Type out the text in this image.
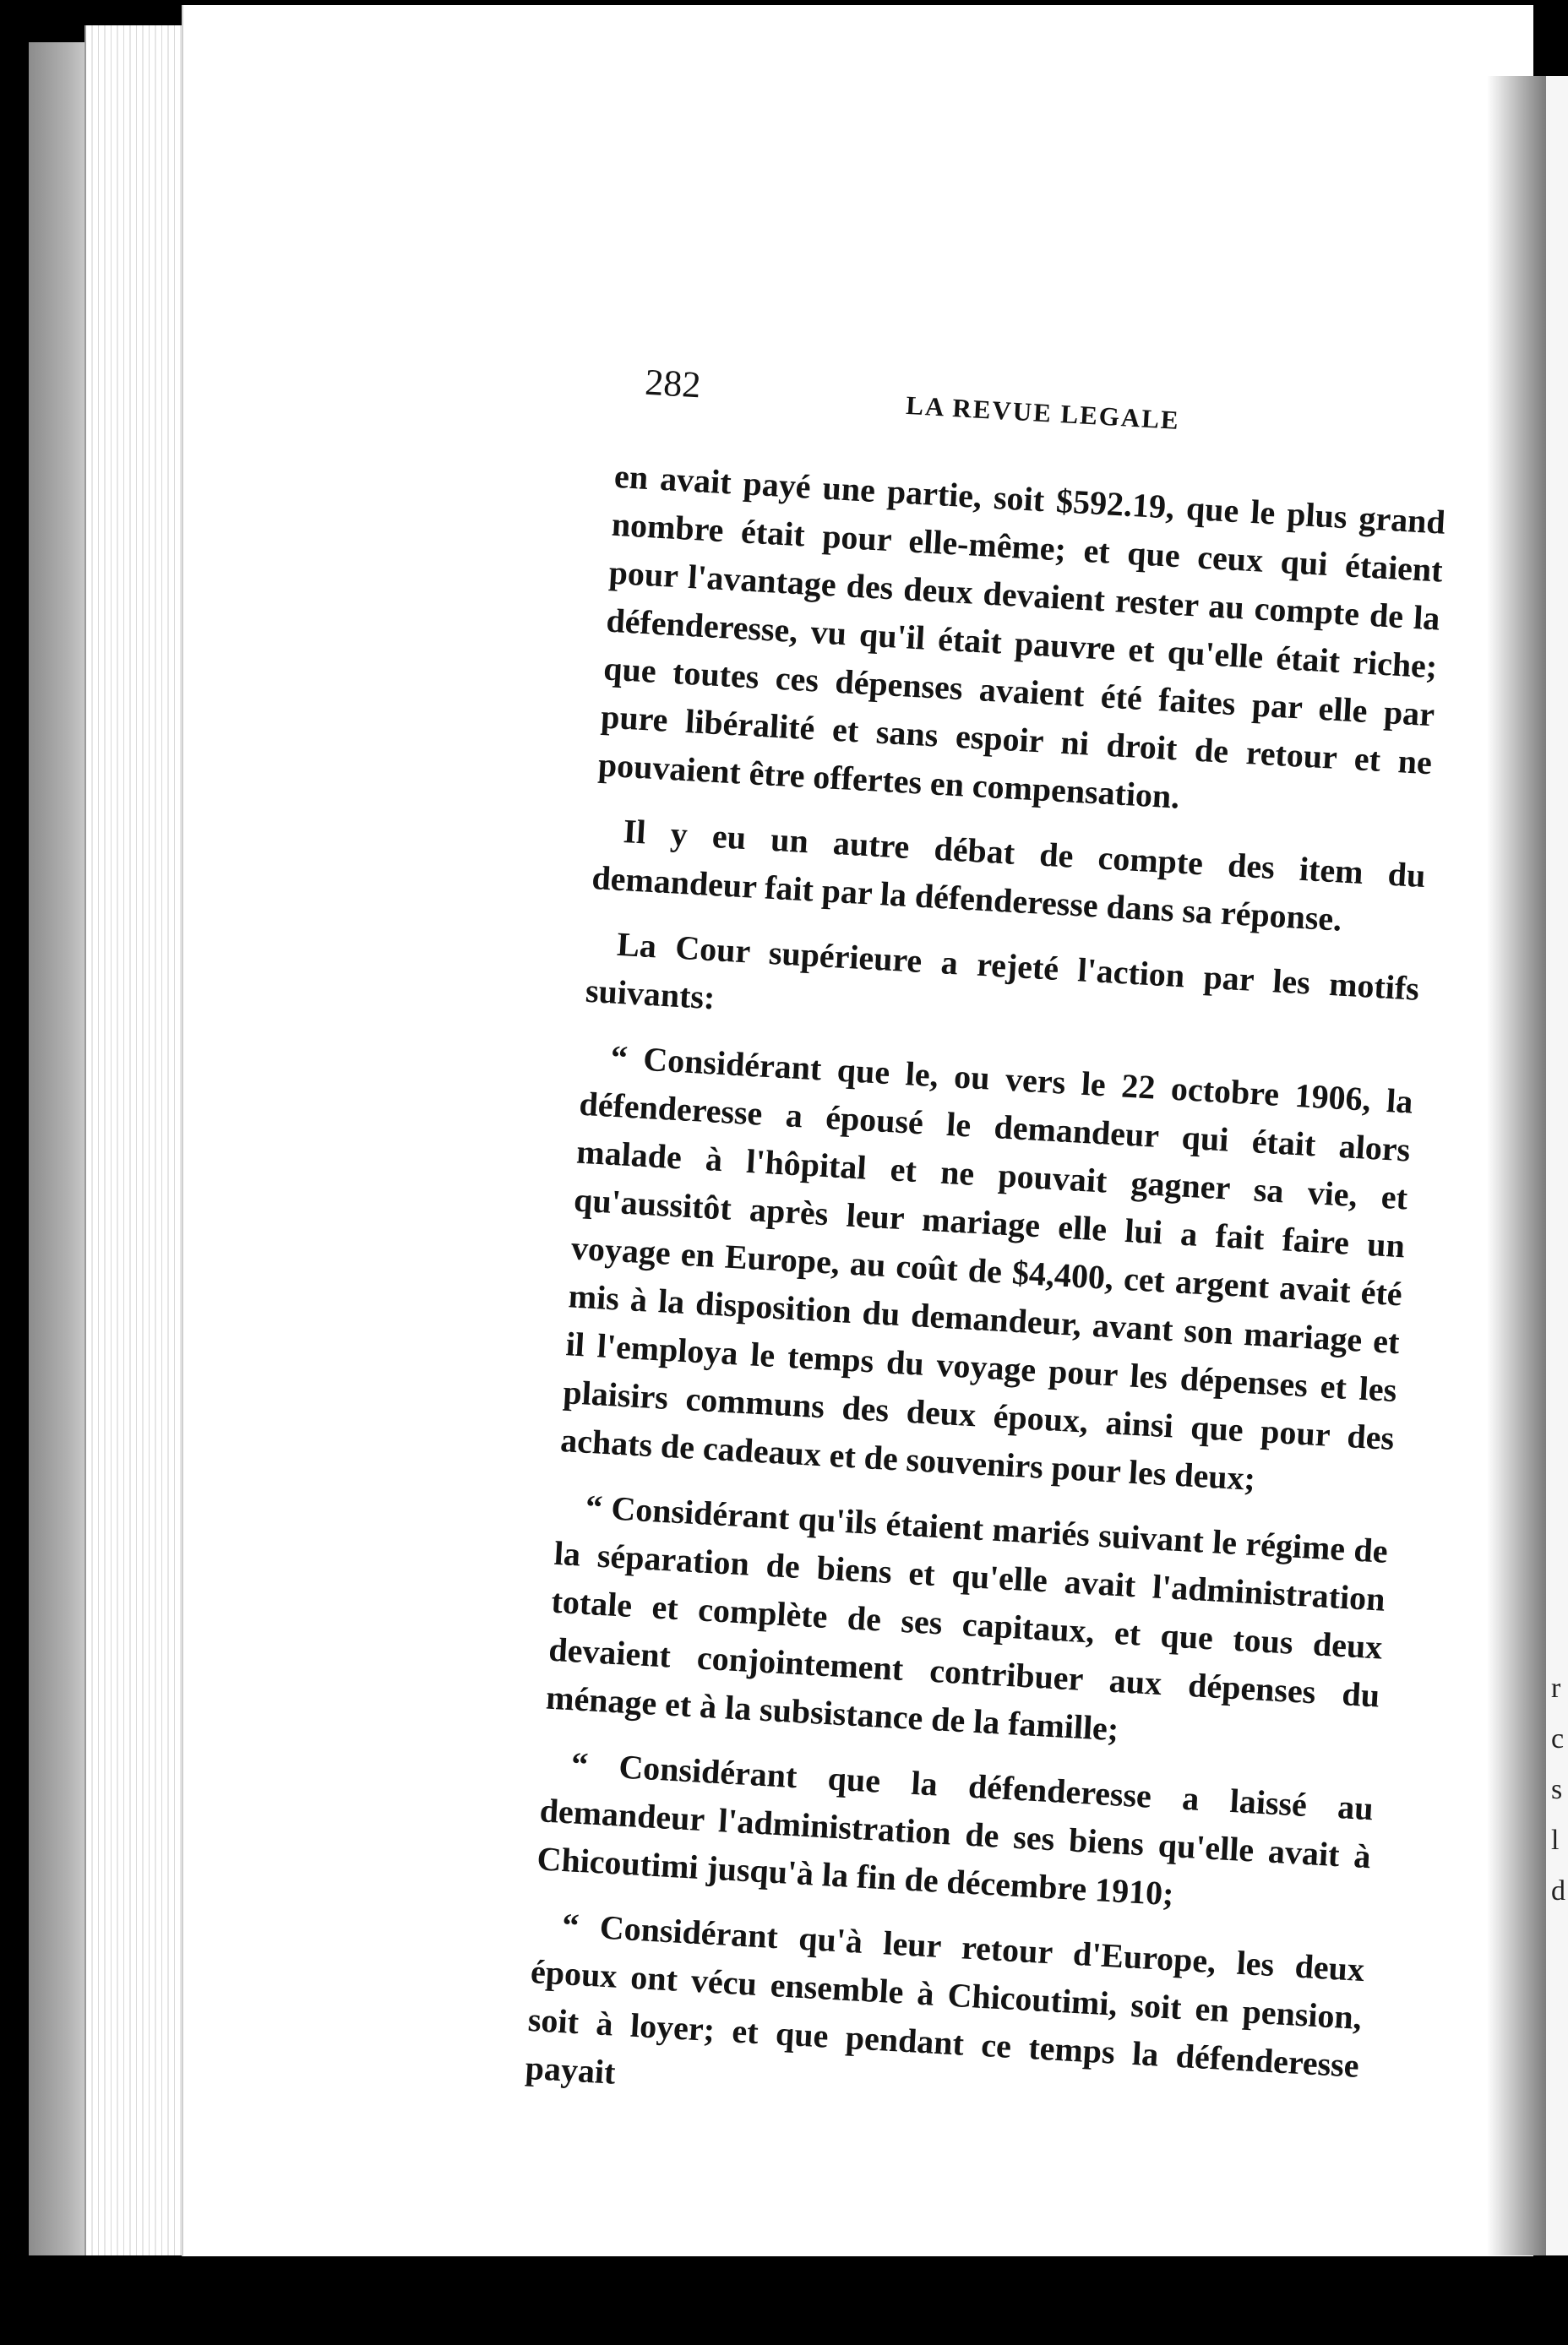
r
c
s
l
d
282
LA REVUE LEGALE

en avait payé une partie, soit $592.19, que le plus grand nombre était pour elle-même; et que ceux qui étaient pour l'avantage des deux devaient rester au compte de la défenderesse, vu qu'il était pauvre et qu'elle était riche; que toutes ces dépenses avaient été faites par elle par pure libéralité et sans espoir ni droit de retour et ne pouvaient être offertes en compensation.

Il y eu un autre débat de compte des item du demandeur fait par la défenderesse dans sa réponse.

La Cour supérieure a rejeté l'action par les motifs suivants:

“ Considérant que le, ou vers le 22 octobre 1906, la défenderesse a épousé le demandeur qui était alors malade à l'hôpital et ne pouvait gagner sa vie, et qu'aussitôt après leur mariage elle lui a fait faire un voyage en Europe, au coût de $4,400, cet argent avait été mis à la disposition du demandeur, avant son mariage et il l'employa le temps du voyage pour les dépenses et les plaisirs communs des deux époux, ainsi que pour des achats de cadeaux et de souvenirs pour les deux;

“ Considérant qu'ils étaient mariés suivant le régime de la séparation de biens et qu'elle avait l'administration totale et complète de ses capitaux, et que tous deux devaient conjointement contribuer aux dépenses du ménage et à la subsistance de la famille;

“ Considérant que la défenderesse a laissé au demandeur l'administration de ses biens qu'elle avait à Chicoutimi jusqu'à la fin de décembre 1910;

“ Considérant qu'à leur retour d'Europe, les deux époux ont vécu ensemble à Chicoutimi, soit en pension, soit à loyer; et que pendant ce temps la défenderesse payait
